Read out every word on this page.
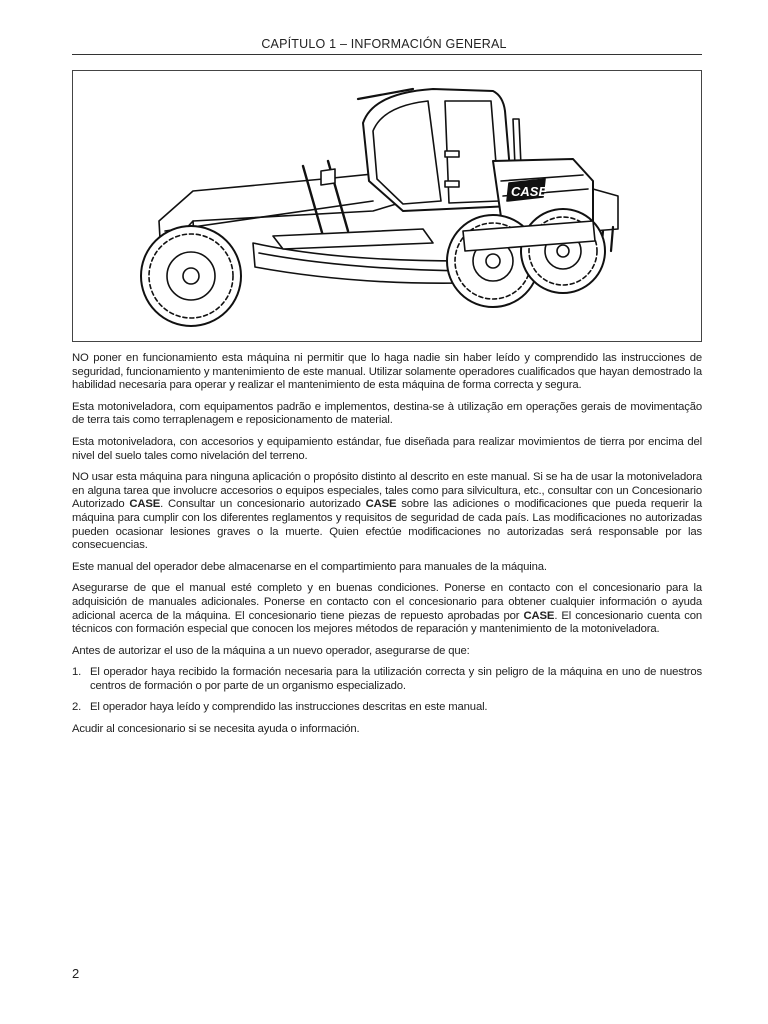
CAPÍTULO 1 – INFORMACIÓN GENERAL
CASE

NO poner en funcionamiento esta máquina ni permitir que lo haga nadie sin haber leído y comprendido las instrucciones de seguridad, funcionamiento y mantenimiento de este manual. Utilizar solamente operadores cualificados que hayan demostrado la habilidad necesaria para operar y realizar el mantenimiento de esta máquina de forma correcta y segura.

Esta motoniveladora, com equipamentos padrão e implementos, destina-se à utilização em operações gerais de movimentação de terra tais como terraplenagem e reposicionamento de material.

Esta motoniveladora, con accesorios y equipamiento estándar, fue diseñada para realizar movimientos de tierra por encima del nivel del suelo tales como nivelación del terreno.

NO usar esta máquina para ninguna aplicación o propósito distinto al descrito en este manual. Si se ha de usar la motoniveladora en alguna tarea que involucre accesorios o equipos especiales, tales como para silvicultura, etc., consultar con un Concesionario Autorizado CASE. Consultar un concesionario autorizado CASE sobre las adiciones o modificaciones que pueda requerir la máquina para cumplir con los diferentes reglamentos y requisitos de seguridad de cada país. Las modificaciones no autorizadas pueden ocasionar lesiones graves o la muerte. Quien efectúe modificaciones no autorizadas será responsable por las consecuencias.

Este manual del operador debe almacenarse en el compartimiento para manuales de la máquina.

Asegurarse de que el manual esté completo y en buenas condiciones. Ponerse en contacto con el concesionario para la adquisición de manuales adicionales. Ponerse en contacto con el concesionario para obtener cualquier información o ayuda adicional acerca de la máquina. El concesionario tiene piezas de repuesto aprobadas por CASE. El concesionario cuenta con técnicos con formación especial que conocen los mejores métodos de reparación y mantenimiento de la motoniveladora.

Antes de autorizar el uso de la máquina a un nuevo operador, asegurarse de que:

1. El operador haya recibido la formación necesaria para la utilización correcta y sin peligro de la máquina en uno de nuestros centros de formación o por parte de un organismo especializado.
2. El operador haya leído y comprendido las instrucciones descritas en este manual.

Acudir al concesionario si se necesita ayuda o información.

2
